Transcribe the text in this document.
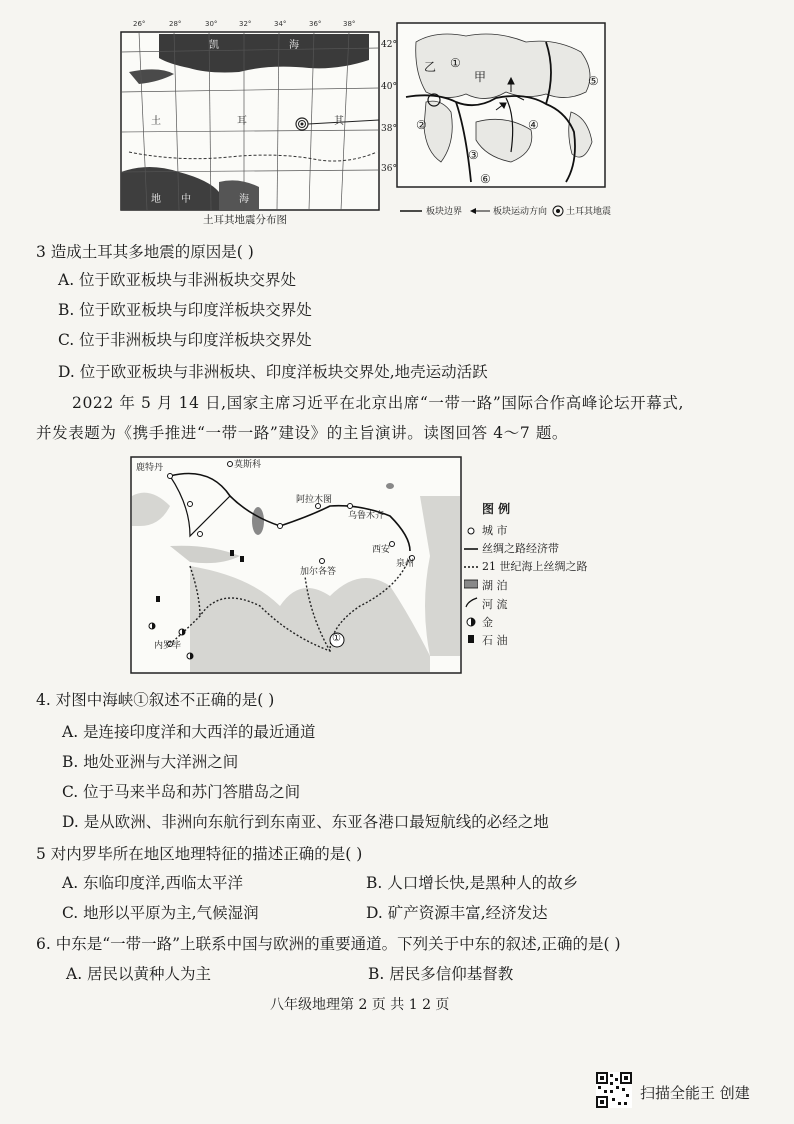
26°	28°	30°	32°	34°	36°	38°
凯	海
土	耳	其
地 中	海
42°
40°
38°
36°
土耳其地震分布图
乙 ①
甲
②
③
④
⑤
⑥
板块边界	板块运动方向 土耳其地震
3 造成土耳其多地震的原因是( )
A. 位于欧亚板块与非洲板块交界处
B. 位于欧亚板块与印度洋板块交界处
C. 位于非洲板块与印度洋板块交界处
D. 位于欧亚板块与非洲板块、印度洋板块交界处,地壳运动活跃
2022 年 5 月 14 日,国家主席习近平在北京出席“一带一路”国际合作高峰论坛开幕式,
并发表题为《携手推进“一带一路”建设》的主旨演讲。读图回答 4～7 题。
鹿特丹	莫斯科
阿拉木图
乌鲁木齐
西安
泉州
加尔各答
内罗毕
①
图 例
城 市
丝绸之路经济带
21 世纪海上丝绸之路
湖 泊
河 流
金
石 油
4. 对图中海峡①叙述不正确的是( )
A. 是连接印度洋和大西洋的最近通道
B. 地处亚洲与大洋洲之间
C. 位于马来半岛和苏门答腊岛之间
D. 是从欧洲、非洲向东航行到东南亚、东亚各港口最短航线的必经之地
5 对内罗毕所在地区地理特征的描述正确的是( )
A. 东临印度洋,西临太平洋	B. 人口增长快,是黑种人的故乡
C. 地形以平原为主,气候湿润	D. 矿产资源丰富,经济发达
6. 中东是“一带一路”上联系中国与欧洲的重要通道。下列关于中东的叙述,正确的是( )
A. 居民以黄种人为主	B. 居民多信仰基督教
八年级地理第 2 页 共 1 2 页
扫描全能王 创建
